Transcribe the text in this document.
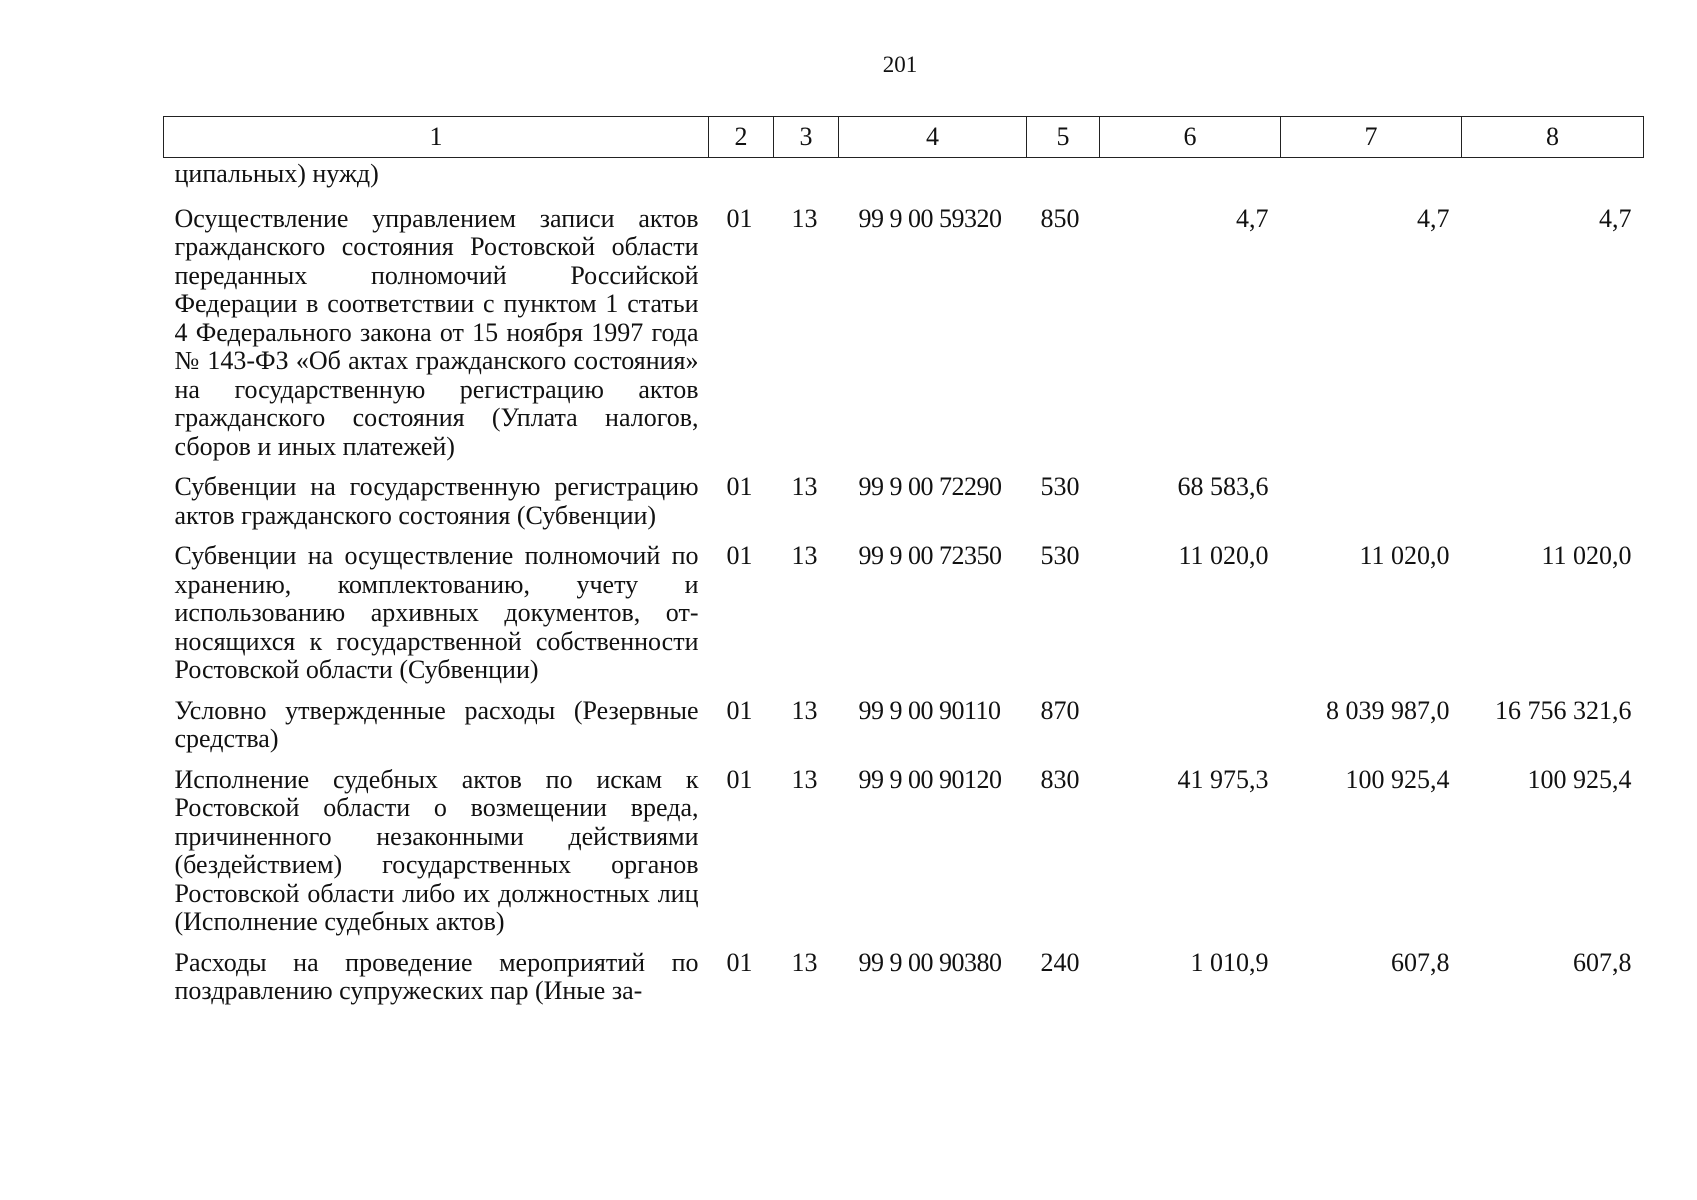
201
1	2	3	4	5	6	7	8
ципальных) нужд)							
Осуществление управлением записи актов гражданского состояния Ростовской области переданных полномочий Российской Федерации в соответствии с пунктом 1 статьи 4 Федерального закона от 15 ноября 1997 года № 143-ФЗ «Об актах гражданского состояния» на государственную регистрацию актов гражданского состояния (Уплата налогов, сборов и иных платежей)	01	13	99 9 00 59320	850	4,7	4,7	4,7
Субвенции на государственную регистрацию актов гражданского состояния (Субвенции)	01	13	99 9 00 72290	530	68 583,6		
Субвенции на осуществление полномочий по хранению, комплектованию, учету и использованию архивных документов, относящихся к государственной собственности Ростовской области (Субвенции)	01	13	99 9 00 72350	530	11 020,0	11 020,0	11 020,0
Условно утвержденные расходы (Резервные средства)	01	13	99 9 00 90110	870		8 039 987,0	16 756 321,6
Исполнение судебных актов по искам к Ростовской области о возмещении вреда, причиненного незаконными действиями (бездействием) государственных органов Ростовской области либо их должностных лиц (Исполнение судебных актов)	01	13	99 9 00 90120	830	41 975,3	100 925,4	100 925,4
Расходы на проведение мероприятий по поздравлению супружеских пар (Иные за-	01	13	99 9 00 90380	240	1 010,9	607,8	607,8
